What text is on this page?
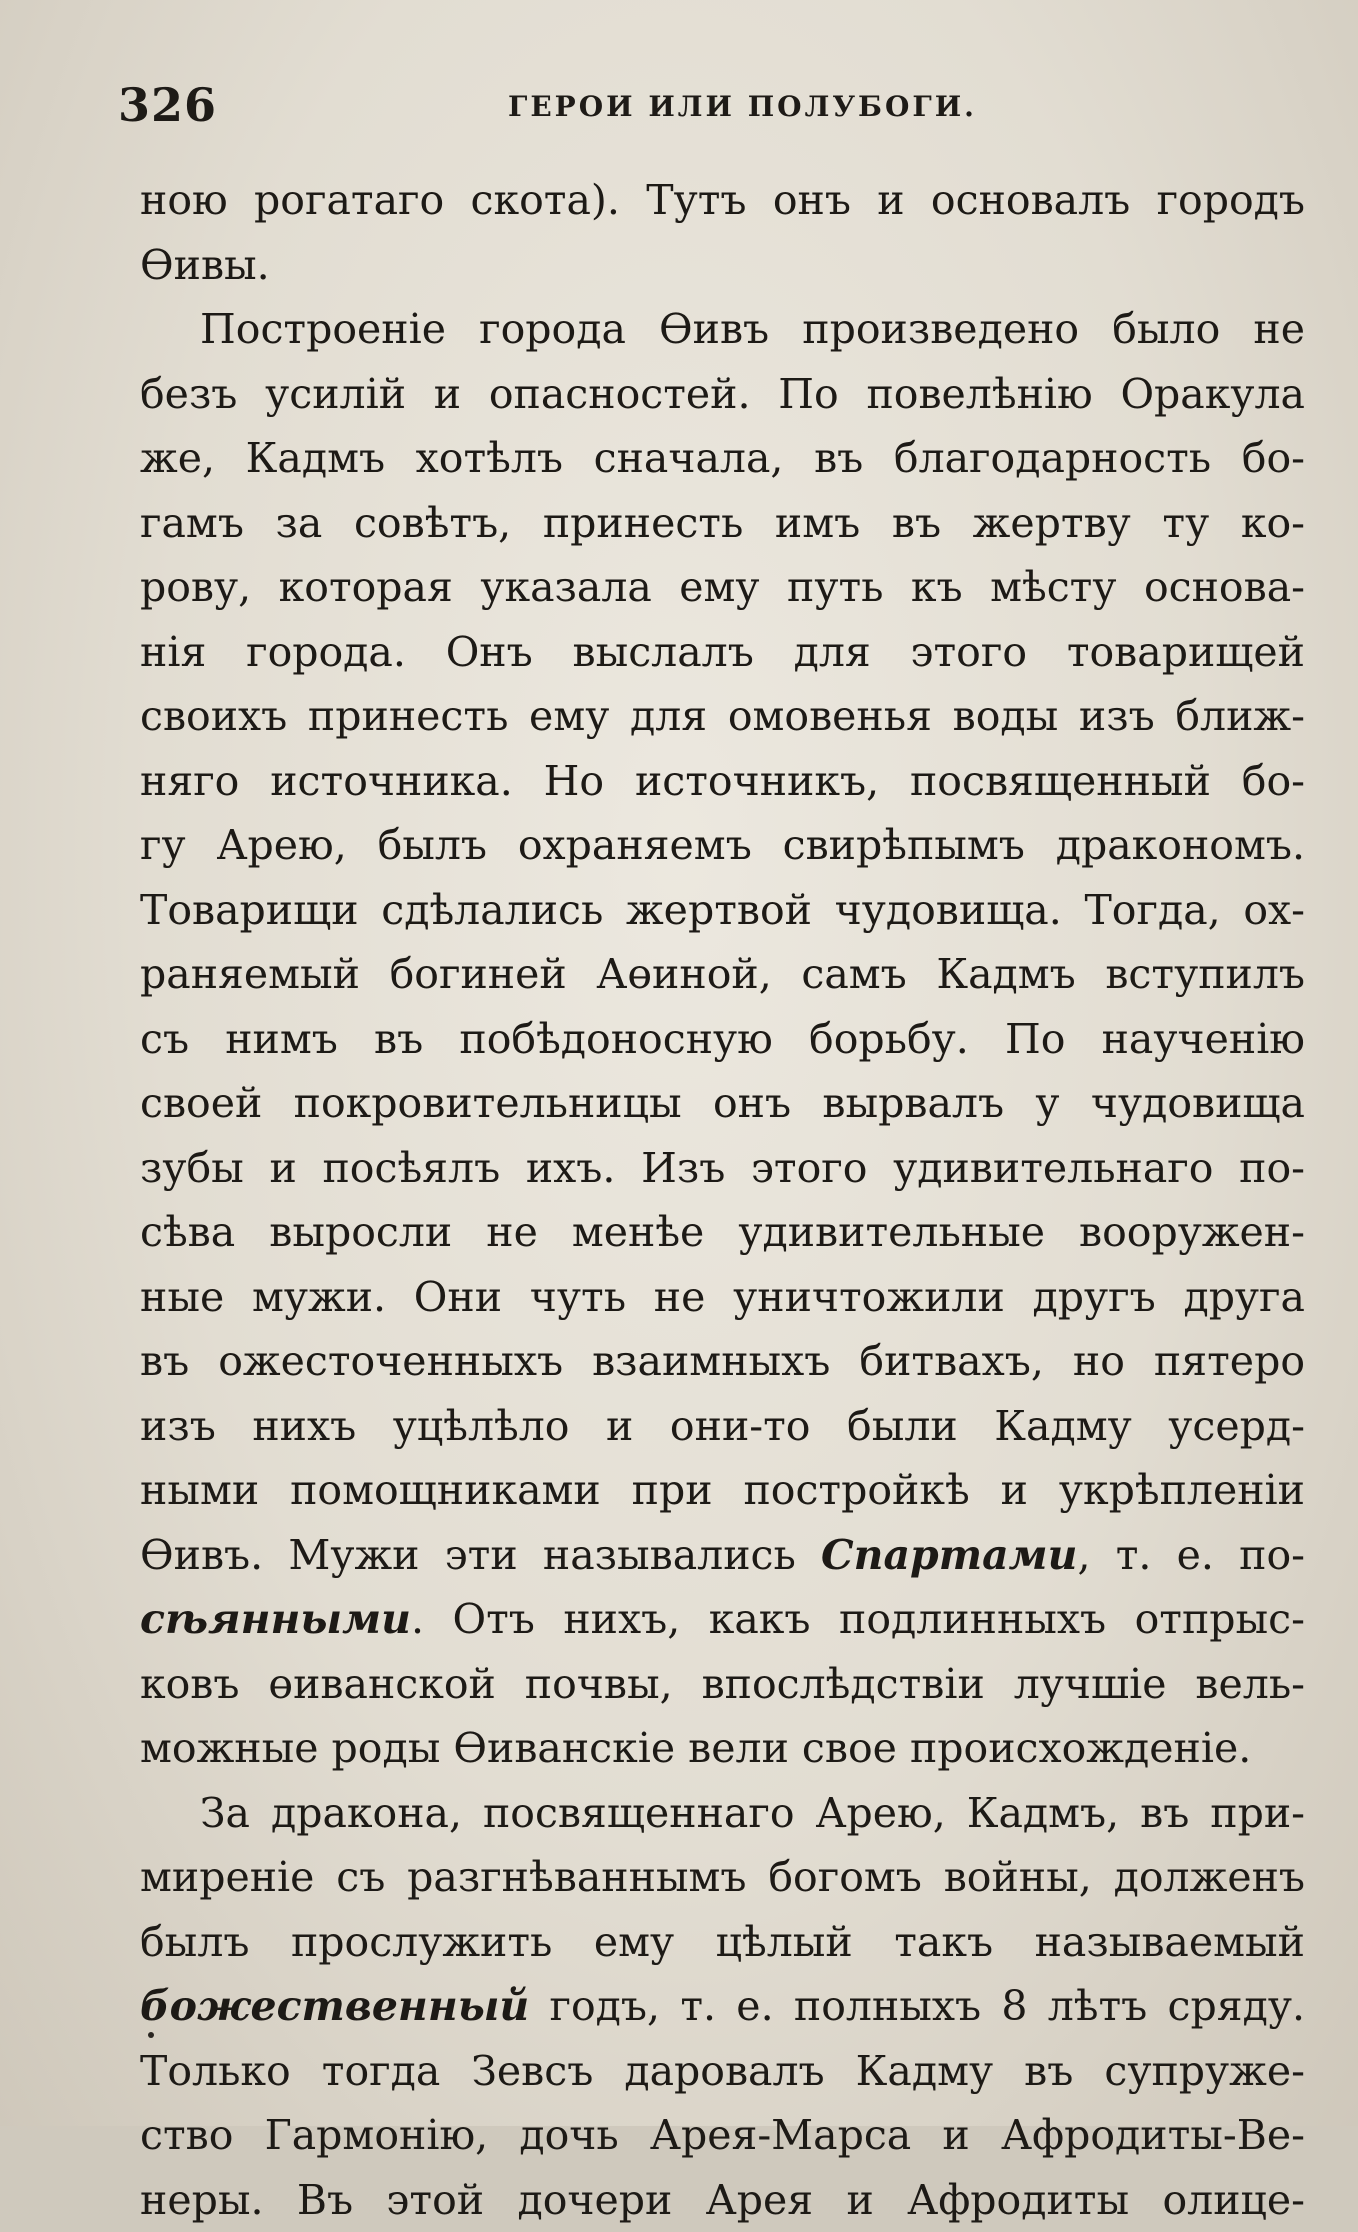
326	ГЕРОИ ИЛИ ПОЛУБОГИ.
ною рогатаго скота). Тутъ онъ и основалъ городъ
Өивы.
Построеніе города Өивъ произведено было не
безъ усилій и опасностей. По повелѣнію Оракула
же, Кадмъ хотѣлъ сначала, въ благодарность бо-
гамъ за совѣтъ, принесть имъ въ жертву ту ко-
рову, которая указала ему путь къ мѣсту основа-
нія города. Онъ выслалъ для этого товарищей
своихъ принесть ему для омовенья воды изъ ближ-
няго источника. Но источникъ, посвященный бо-
гу Арею, былъ охраняемъ свирѣпымъ дракономъ.
Товарищи сдѣлались жертвой чудовища. Тогда, ох-
раняемый богиней Аөиной, самъ Кадмъ вступилъ
съ нимъ въ побѣдоносную борьбу. По наученію
своей покровительницы онъ вырвалъ у чудовища
зубы и посѣялъ ихъ. Изъ этого удивительнаго по-
сѣва выросли не менѣе удивительные вооружен-
ные мужи. Они чуть не уничтожили другъ друга
въ ожесточенныхъ взаимныхъ битвахъ, но пятеро
изъ нихъ уцѣлѣло и они-то были Кадму усерд-
ными помощниками при постройкѣ и укрѣпленіи
Өивъ. Мужи эти назывались Спартами, т. е. по-
сѣянными. Отъ нихъ, какъ подлинныхъ отпрыс-
ковъ өиванской почвы, впослѣдствіи лучшіе вель-
можные роды Өиванскіе вели свое происхожденіе.
За дракона, посвященнаго Арею, Кадмъ, въ при-
миреніе съ разгнѣваннымъ богомъ войны, долженъ
былъ прослужить ему цѣлый такъ называемый
божественный годъ, т. е. полныхъ 8 лѣтъ сряду.
Только тогда Зевсъ даровалъ Кадму въ супруже-
ство Гармонію, дочь Арея-Марса и Афродиты-Ве-
неры. Въ этой дочери Арея и Афродиты олице-
